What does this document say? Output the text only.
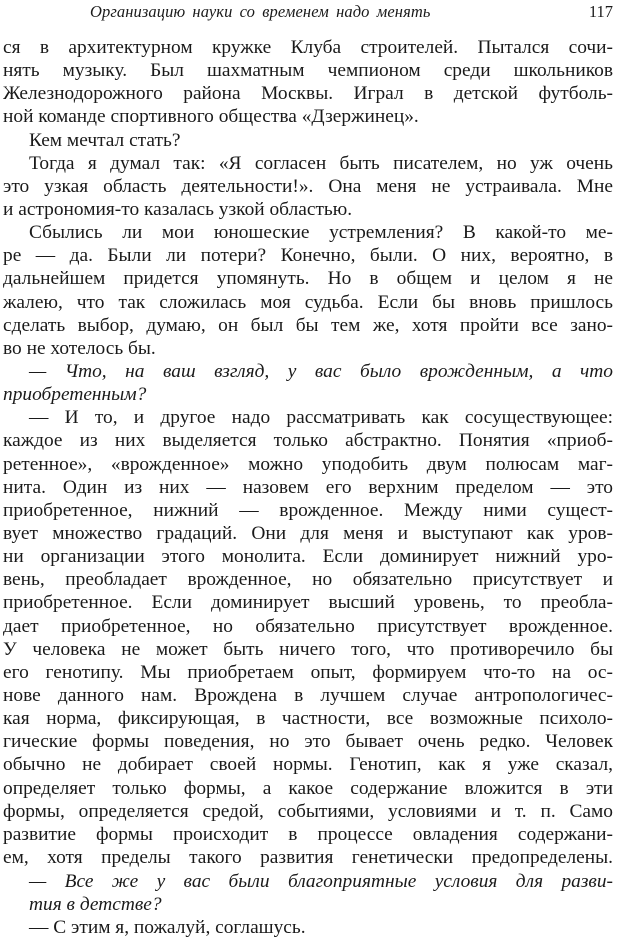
Организацию науки со временем надо менять	117
ся в архитектурном кружке Клуба строителей. Пытался сочи-
нять музыку. Был шахматным чемпионом среди школьников
Железнодорожного района Москвы. Играл в детской футболь-
ной команде спортивного общества «Дзержинец».
Кем мечтал стать?
Тогда я думал так: «Я согласен быть писателем, но уж очень
это узкая область деятельности!». Она меня не устраивала. Мне
и астрономия-то казалась узкой областью.
Сбылись ли мои юношеские устремления? В какой-то ме-
ре — да. Были ли потери? Конечно, были. О них, вероятно, в
дальнейшем придется упомянуть. Но в общем и целом я не
жалею, что так сложилась моя судьба. Если бы вновь пришлось
сделать выбор, думаю, он был бы тем же, хотя пройти все зано-
во не хотелось бы.
— Что, на ваш взгляд, у вас было врожденным, а что
приобретенным?
— И то, и другое надо рассматривать как сосуществующее:
каждое из них выделяется только абстрактно. Понятия «приоб-
ретенное», «врожденное» можно уподобить двум полюсам маг-
нита. Один из них — назовем его верхним пределом — это
приобретенное, нижний — врожденное. Между ними сущест-
вует множество градаций. Они для меня и выступают как уров-
ни организации этого монолита. Если доминирует нижний уро-
вень, преобладает врожденное, но обязательно присутствует и
приобретенное. Если доминирует высший уровень, то преобла-
дает приобретенное, но обязательно присутствует врожденное.
У человека не может быть ничего того, что противоречило бы
его генотипу. Мы приобретаем опыт, формируем что-то на ос-
нове данного нам. Врождена в лучшем случае антропологичес-
кая норма, фиксирующая, в частности, все возможные психоло-
гические формы поведения, но это бывает очень редко. Человек
обычно не добирает своей нормы. Генотип, как я уже сказал,
определяет только формы, а какое содержание вложится в эти
формы, определяется средой, событиями, условиями и т. п. Само
развитие формы происходит в процессе овладения содержани-
ем, хотя пределы такого развития генетически предопределены.
— Все же у вас были благоприятные условия для разви-
тия в детстве?
— С этим я, пожалуй, соглашусь.
